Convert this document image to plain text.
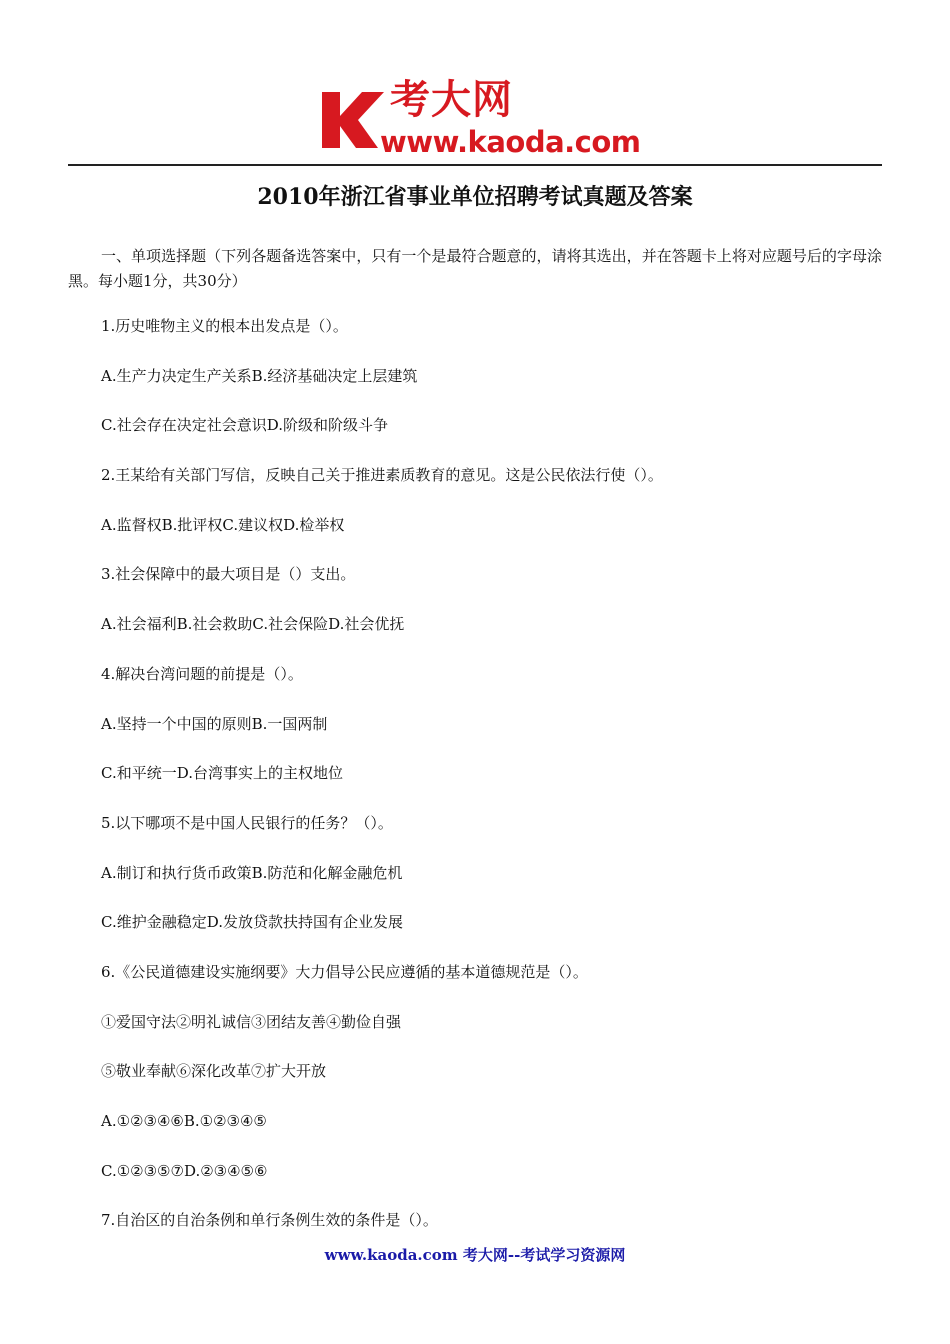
考大网
www.kaoda.com
2010年浙江省事业单位招聘考试真题及答案

一、单项选择题（下列各题备选答案中，只有一个是最符合题意的，请将其选出，并在答题卡上将对应题号后的字母涂黑。每小题1分，共30分）

1.历史唯物主义的根本出发点是（）。
A.生产力决定生产关系B.经济基础决定上层建筑
C.社会存在决定社会意识D.阶级和阶级斗争
2.王某给有关部门写信，反映自己关于推进素质教育的意见。这是公民依法行使（）。
A.监督权B.批评权C.建议权D.检举权
3.社会保障中的最大项目是（）支出。
A.社会福利B.社会救助C.社会保险D.社会优抚
4.解决台湾问题的前提是（）。
A.坚持一个中国的原则B.一国两制
C.和平统一D.台湾事实上的主权地位
5.以下哪项不是中国人民银行的任务？（）。
A.制订和执行货币政策B.防范和化解金融危机
C.维护金融稳定D.发放贷款扶持国有企业发展
6.《公民道德建设实施纲要》大力倡导公民应遵循的基本道德规范是（）。
①爱国守法②明礼诚信③团结友善④勤俭自强
⑤敬业奉献⑥深化改革⑦扩大开放
A.①②③④⑥B.①②③④⑤
C.①②③⑤⑦D.②③④⑤⑥
7.自治区的自治条例和单行条例生效的条件是（）。
www.kaoda.com 考大网--考试学习资源网
